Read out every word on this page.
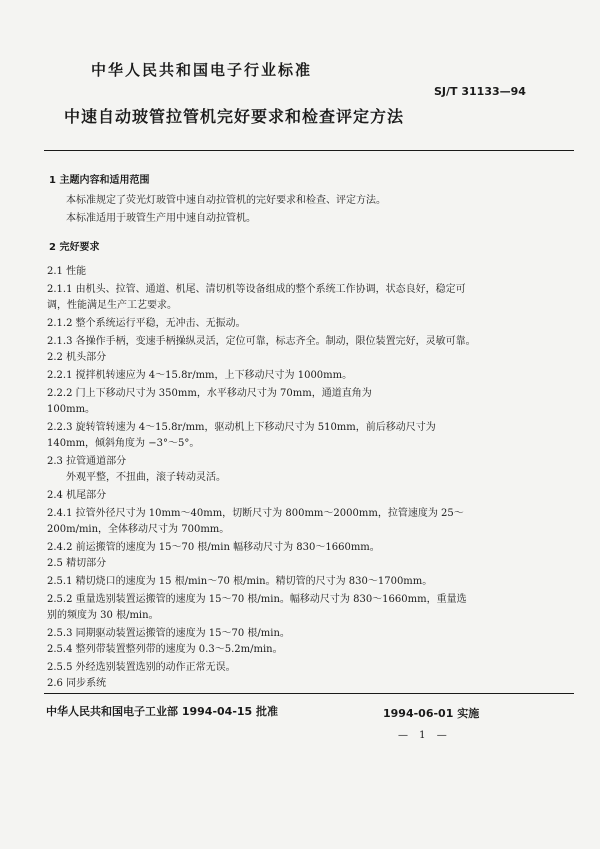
中华人民共和国电子行业标准
SJ/T 31133—94
中速自动玻管拉管机完好要求和检查评定方法
1 主题内容和适用范围
本标准规定了荧光灯玻管中速自动拉管机的完好要求和检查、评定方法。
本标准适用于玻管生产用中速自动拉管机。
2 完好要求
2.1 性能
2.1.1 由机头、拉管、通道、机尾、清切机等设备组成的整个系统工作协调，状态良好，稳定可
调，性能满足生产工艺要求。
2.1.2 整个系统运行平稳，无冲击、无振动。
2.1.3 各操作手柄，变速手柄操纵灵活，定位可靠，标志齐全。制动，限位装置完好，灵敏可靠。
2.2 机头部分
2.2.1 搅拌机转速应为 4～15.8r/mm，上下移动尺寸为 1000mm。
2.2.2 门上下移动尺寸为 350mm，水平移动尺寸为 70mm，通道直角为
100mm。
2.2.3 旋转管转速为 4～15.8r/mm，驱动机上下移动尺寸为 510mm，前后移动尺寸为
140mm，倾斜角度为 −3°～5°。
2.3 拉管通道部分
外观平整，不扭曲，滚子转动灵活。
2.4 机尾部分
2.4.1 拉管外径尺寸为 10mm～40mm，切断尺寸为 800mm～2000mm，拉管速度为 25～
200m/min，全体移动尺寸为 700mm。
2.4.2 前运搬管的速度为 15～70 根/min 幅移动尺寸为 830～1660mm。
2.5 精切部分
2.5.1 精切烧口的速度为 15 根/min～70 根/min。精切管的尺寸为 830～1700mm。
2.5.2 重量选别装置运搬管的速度为 15～70 根/min。幅移动尺寸为 830～1660mm，重量选
别的频度为 30 根/min。
2.5.3 同期驱动装置运搬管的速度为 15～70 根/min。
2.5.4 整列带装置整列带的速度为 0.3～5.2m/min。
2.5.5 外经选别装置选别的动作正常无误。
2.6 同步系统
中华人民共和国电子工业部 1994-04-15 批准	1994-06-01 实施
— 1 —
